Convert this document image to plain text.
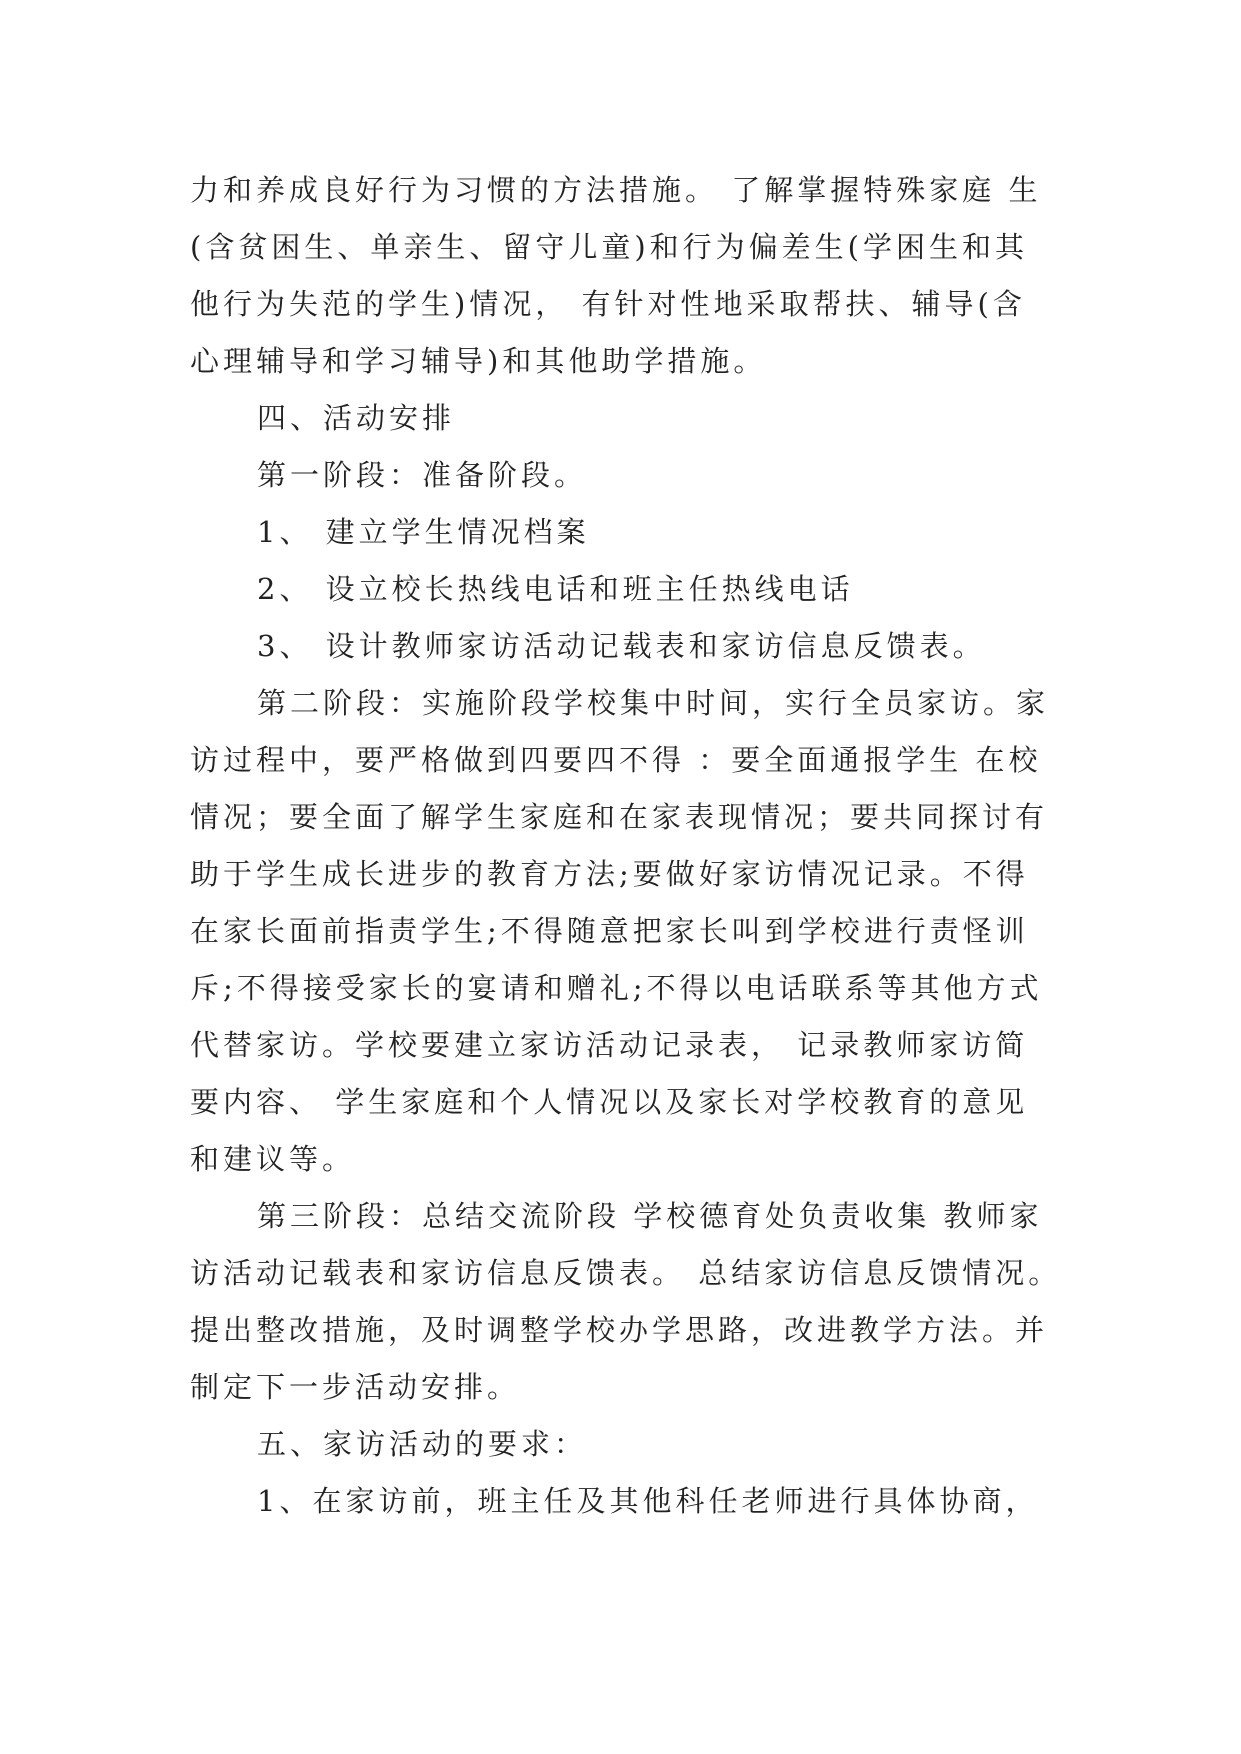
力和养成良好行为习惯的方法措施。 了解掌握特殊家庭 生
(含贫困生、单亲生、留守儿童)和行为偏差生(学困生和其
他行为失范的学生)情况， 有针对性地采取帮扶、辅导(含
心理辅导和学习辅导)和其他助学措施。
四、活动安排
第一阶段：准备阶段。
1、 建立学生情况档案
2、 设立校长热线电话和班主任热线电话
3、 设计教师家访活动记载表和家访信息反馈表。
第二阶段：实施阶段学校集中时间，实行全员家访。家
访过程中，要严格做到四要四不得 ：要全面通报学生 在校
情况；要全面了解学生家庭和在家表现情况；要共同探讨有
助于学生成长进步的教育方法;要做好家访情况记录。不得
在家长面前指责学生;不得随意把家长叫到学校进行责怪训
斥;不得接受家长的宴请和赠礼;不得以电话联系等其他方式
代替家访。学校要建立家访活动记录表， 记录教师家访简
要内容、 学生家庭和个人情况以及家长对学校教育的意见
和建议等。
第三阶段：总结交流阶段 学校德育处负责收集 教师家
访活动记载表和家访信息反馈表。 总结家访信息反馈情况。
提出整改措施，及时调整学校办学思路，改进教学方法。并
制定下一步活动安排。
五、家访活动的要求：
1、在家访前，班主任及其他科任老师进行具体协商，
